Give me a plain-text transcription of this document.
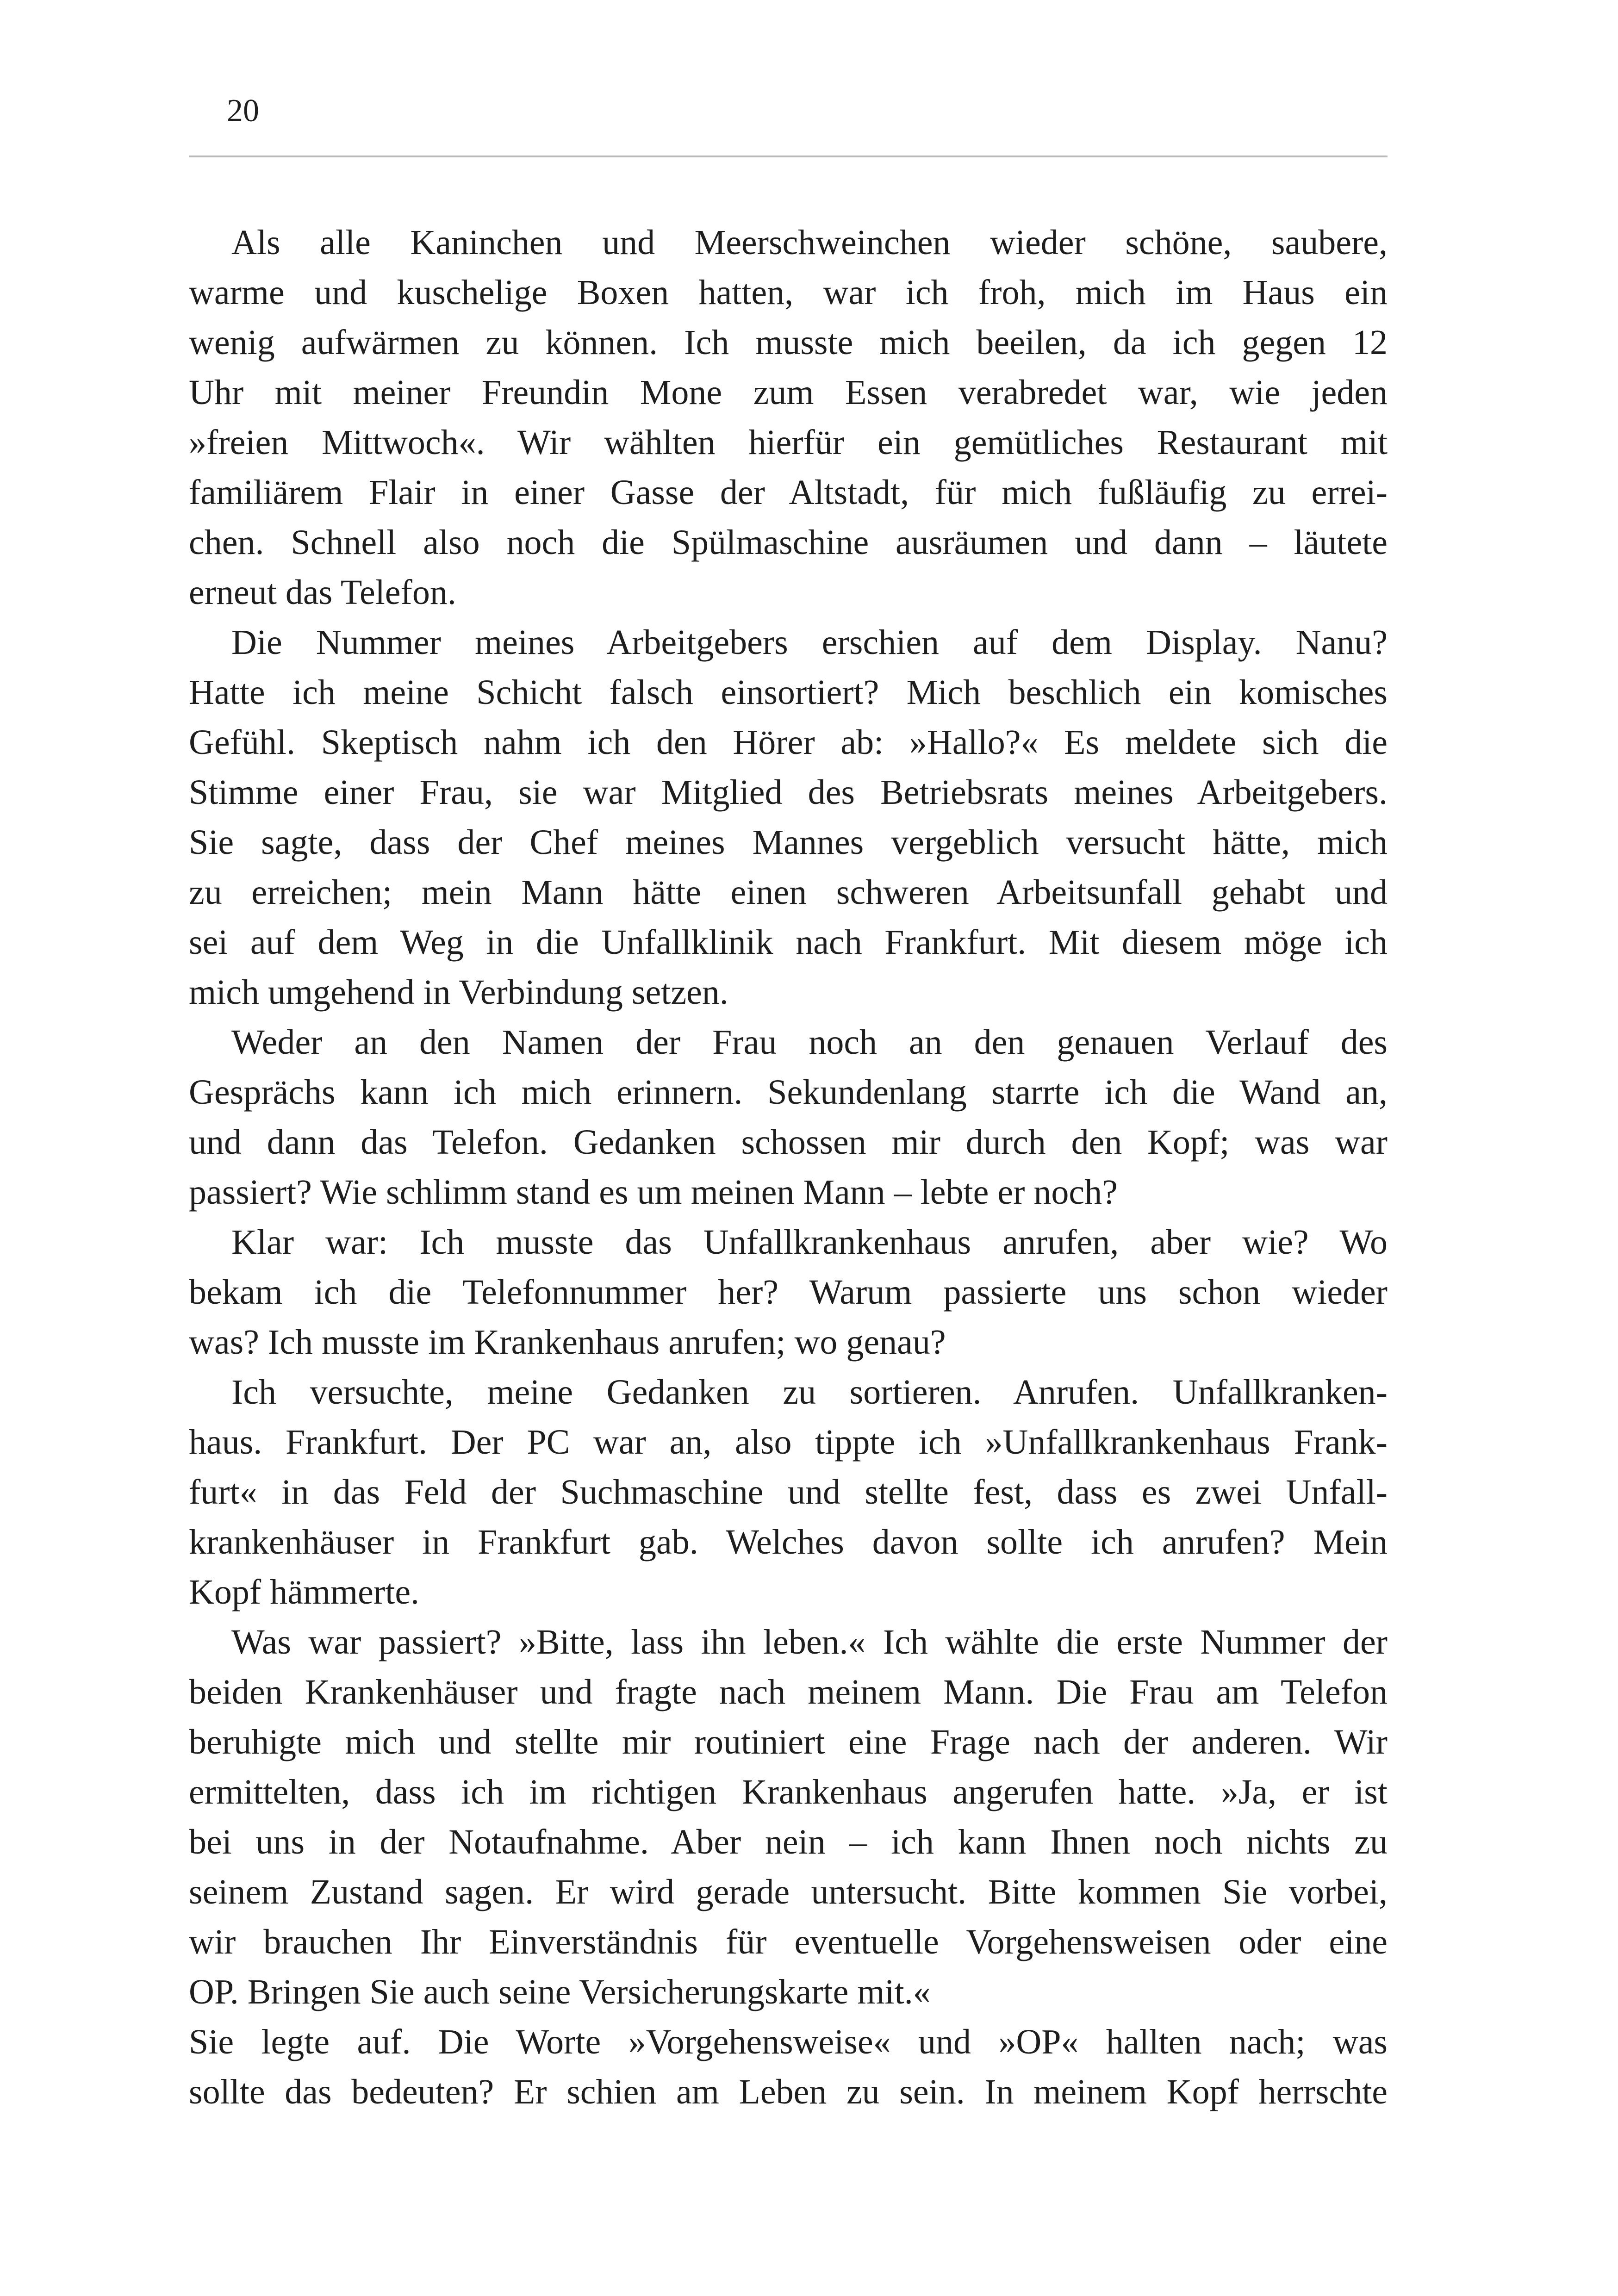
20
Als alle Kaninchen und Meerschweinchen wieder schöne, saubere,
warme und kuschelige Boxen hatten, war ich froh, mich im Haus ein
wenig aufwärmen zu können. Ich musste mich beeilen, da ich gegen 12
Uhr mit meiner Freundin Mone zum Essen verabredet war, wie jeden
»freien Mittwoch«. Wir wählten hierfür ein gemütliches Restaurant mit
familiärem Flair in einer Gasse der Altstadt, für mich fußläufig zu errei-
chen. Schnell also noch die Spülmaschine ausräumen und dann – läutete
erneut das Telefon.
Die Nummer meines Arbeitgebers erschien auf dem Display. Nanu?
Hatte ich meine Schicht falsch einsortiert? Mich beschlich ein komisches
Gefühl. Skeptisch nahm ich den Hörer ab: »Hallo?« Es meldete sich die
Stimme einer Frau, sie war Mitglied des Betriebsrats meines Arbeitgebers.
Sie sagte, dass der Chef meines Mannes vergeblich versucht hätte, mich
zu erreichen; mein Mann hätte einen schweren Arbeitsunfall gehabt und
sei auf dem Weg in die Unfallklinik nach Frankfurt. Mit diesem möge ich
mich umgehend in Verbindung setzen.
Weder an den Namen der Frau noch an den genauen Verlauf des
Gesprächs kann ich mich erinnern. Sekundenlang starrte ich die Wand an,
und dann das Telefon. Gedanken schossen mir durch den Kopf; was war
passiert? Wie schlimm stand es um meinen Mann – lebte er noch?
Klar war: Ich musste das Unfallkrankenhaus anrufen, aber wie? Wo
bekam ich die Telefonnummer her? Warum passierte uns schon wieder
was? Ich musste im Krankenhaus anrufen; wo genau?
Ich versuchte, meine Gedanken zu sortieren. Anrufen. Unfallkranken-
haus. Frankfurt. Der PC war an, also tippte ich »Unfallkrankenhaus Frank-
furt« in das Feld der Suchmaschine und stellte fest, dass es zwei Unfall-
krankenhäuser in Frankfurt gab. Welches davon sollte ich anrufen? Mein
Kopf hämmerte.
Was war passiert? »Bitte, lass ihn leben.« Ich wählte die erste Nummer der
beiden Krankenhäuser und fragte nach meinem Mann. Die Frau am Telefon
beruhigte mich und stellte mir routiniert eine Frage nach der anderen. Wir
ermittelten, dass ich im richtigen Krankenhaus angerufen hatte. »Ja, er ist
bei uns in der Notaufnahme. Aber nein – ich kann Ihnen noch nichts zu
seinem Zustand sagen. Er wird gerade untersucht. Bitte kommen Sie vorbei,
wir brauchen Ihr Einverständnis für eventuelle Vorgehensweisen oder eine
OP. Bringen Sie auch seine Versicherungskarte mit.«
Sie legte auf. Die Worte »Vorgehensweise« und »OP« hallten nach; was
sollte das bedeuten? Er schien am Leben zu sein. In meinem Kopf herrschte
